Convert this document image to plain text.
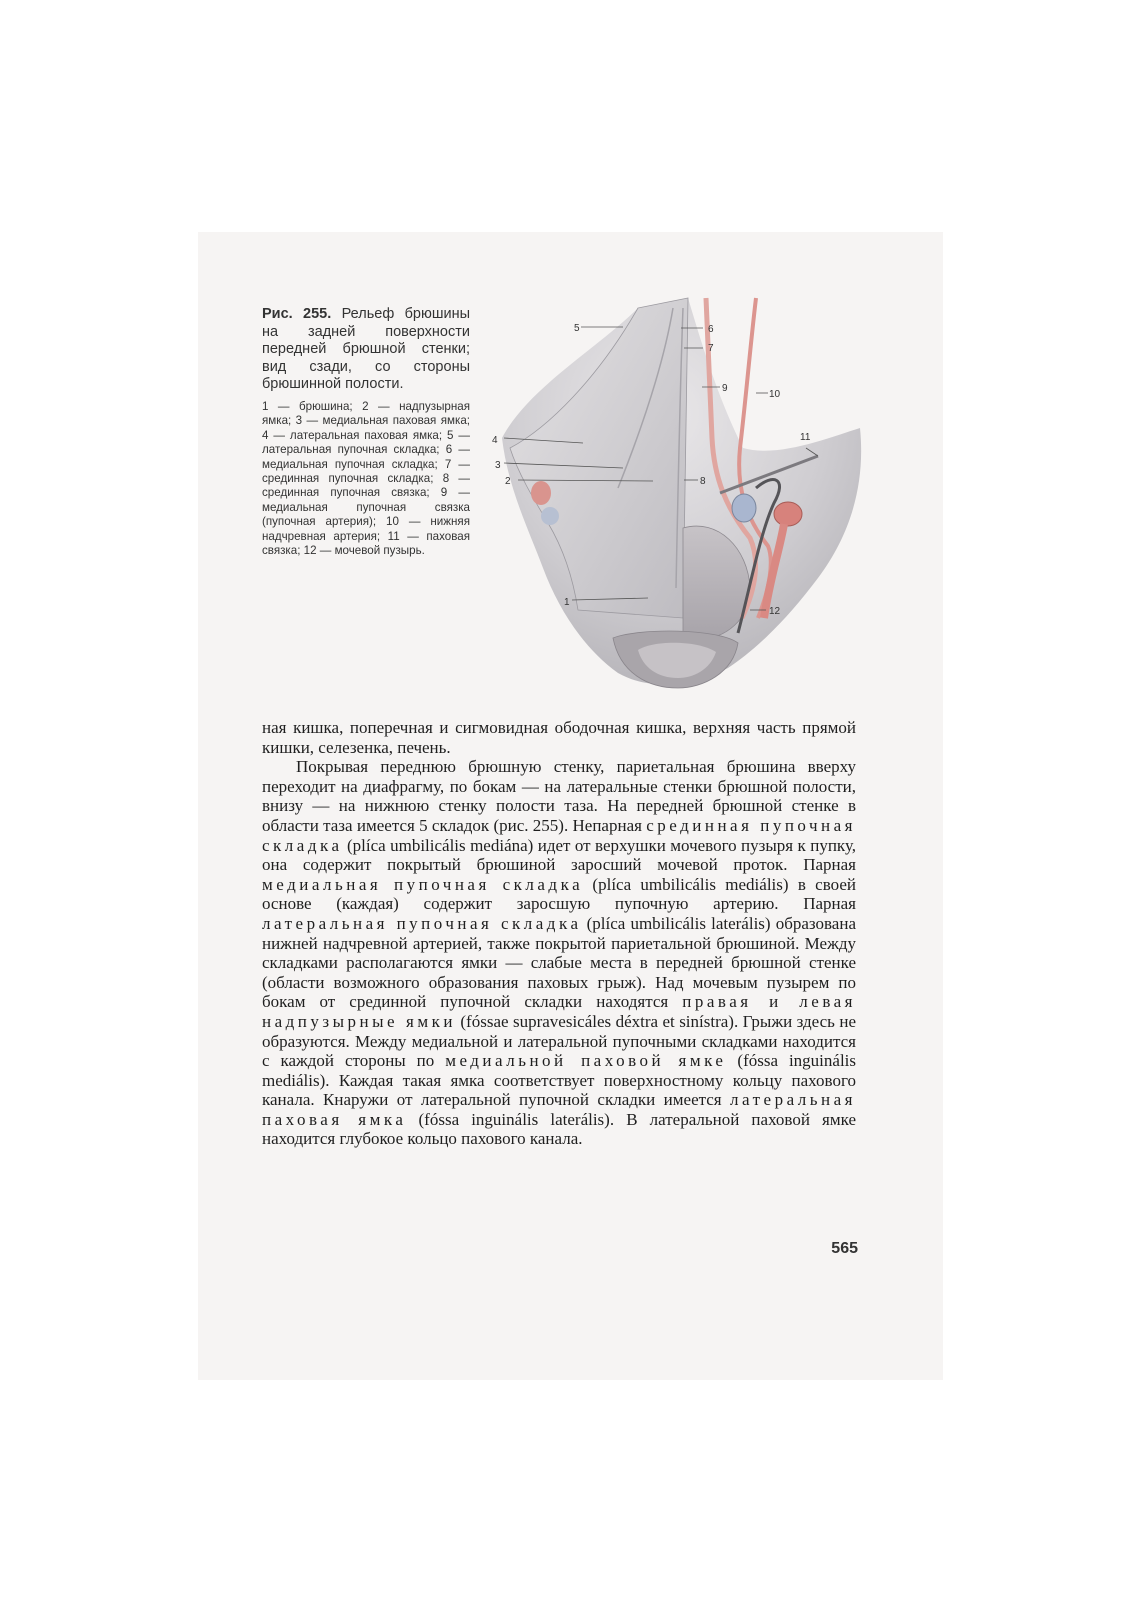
Рис. 255. Рельеф брюшины на задней поверхности передней брюшной стенки; вид сзади, со стороны брюшинной полости.

1 — брюшина; 2 — надпузырная ямка; 3 — медиальная паховая ямка; 4 — латеральная паховая ямка; 5 — латеральная пупочная складка; 6 — медиальная пупочная складка; 7 — срединная пупочная складка; 8 — срединная пупочная связка; 9 — медиальная пупочная связка (пупочная артерия); 10 — нижняя надчревная артерия; 11 — паховая связка; 12 — мочевой пузырь.

1
2
3
4
5	6
7
8
9
10
11
12

ная кишка, поперечная и сигмовидная ободочная кишка, верхняя часть прямой кишки, селезенка, печень.

Покрывая переднюю брюшную стенку, париетальная брюшина вверху переходит на диафрагму, по бокам — на латеральные стенки брюшной полости, внизу — на нижнюю стенку полости таза. На передней брюшной стенке в области таза имеется 5 складок (рис. 255). Непарная срединная пупочная складка (plíca umbilicális mediána) идет от верхушки мочевого пузыря к пупку, она содержит покрытый брюшиной заросший мочевой проток. Парная медиальная пупочная складка (plíca umbilicális mediális) в своей основе (каждая) содержит заросшую пупочную артерию. Парная латеральная пупочная складка (plíca umbilicális laterális) образована нижней надчревной артерией, также покрытой париетальной брюшиной. Между складками располагаются ямки — слабые места в передней брюшной стенке (области возможного образования паховых грыж). Над мочевым пузырем по бокам от срединной пупочной складки находятся правая и левая надпузырные ямки (fóssae supravesicáles déxtra et sinístra). Грыжи здесь не образуются. Между медиальной и латеральной пупочными складками находится с каждой стороны по медиальной паховой ямке (fóssa inguinális mediális). Каждая такая ямка соответствует поверхностному кольцу пахового канала. Кнаружи от латеральной пупочной складки имеется латеральная паховая ямка (fóssa inguinális laterális). В латеральной паховой ямке находится глубокое кольцо пахового канала.

565
